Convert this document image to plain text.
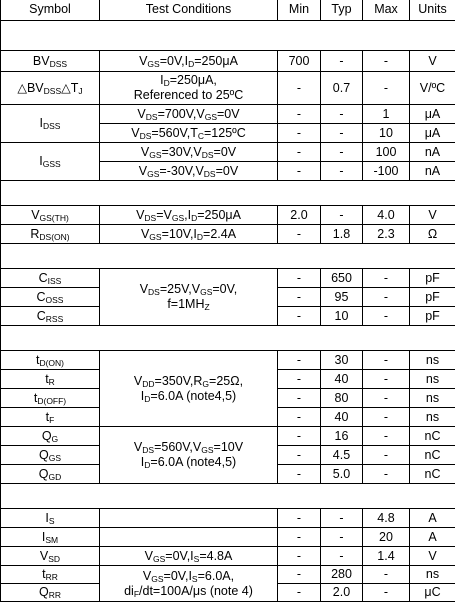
Symbol	Test Conditions	Min	Typ	Max	Units

$BV_{DSS}$	$V_{GS}=0V,I_D=250\mu A$	700	-	-	V
$\triangle BV_{DSS}\triangle T_J$	$I_D=250\mu A$,
Referenced to 25ºC	-	0.7	-	V/ºC
$I_{DSS}$	$V_{DS}=700V,V_{GS}=0V$	-	-	1	μA
	$V_{DS}=560V,T_C=125ºC$	-	-	10	μA
$I_{GSS}$	$V_{GS}=30V,V_{DS}=0V$	-	-	100	nA
	$V_{GS}=-30V,V_{DS}=0V$	-	-	-100	nA

$V_{GS(TH)}$	$V_{DS}=V_{GS},I_D=250\mu A$	2.0	-	4.0	V
$R_{DS(ON)}$	$V_{GS}=10V,I_D=2.4A$	-	1.8	2.3	Ω

$C_{ISS}$	$V_{DS}=25V,V_{GS}=0V$,
$f=1MH_Z$	-	650	-	pF
$C_{OSS}$		-	95	-	pF
$C_{RSS}$		-	10	-	pF

$t_{D(ON)}$	$V_{DD}=350V,R_G=25\Omega$,
$I_D=6.0A$ (note4,5)	-	30	-	ns
$t_R$		-	40	-	ns
$t_{D(OFF)}$		-	80	-	ns
$t_F$		-	40	-	ns
$Q_G$	$V_{DS}=560V,V_{GS}=10V$
$I_D=6.0A$ (note4,5)	-	16	-	nC
$Q_{GS}$		-	4.5	-	nC
$Q_{GD}$		-	5.0	-	nC

$I_S$		-	-	4.8	A
$I_{SM}$		-	-	20	A
$V_{SD}$	$V_{GS}=0V,I_S=4.8A$	-	-	1.4	V
$t_{RR}$	$V_{GS}=0V,I_S=6.0A$,
$di_F/dt=100A/\mu s$ (note 4)	-	280	-	ns
$Q_{RR}$		-	2.0	-	μC
